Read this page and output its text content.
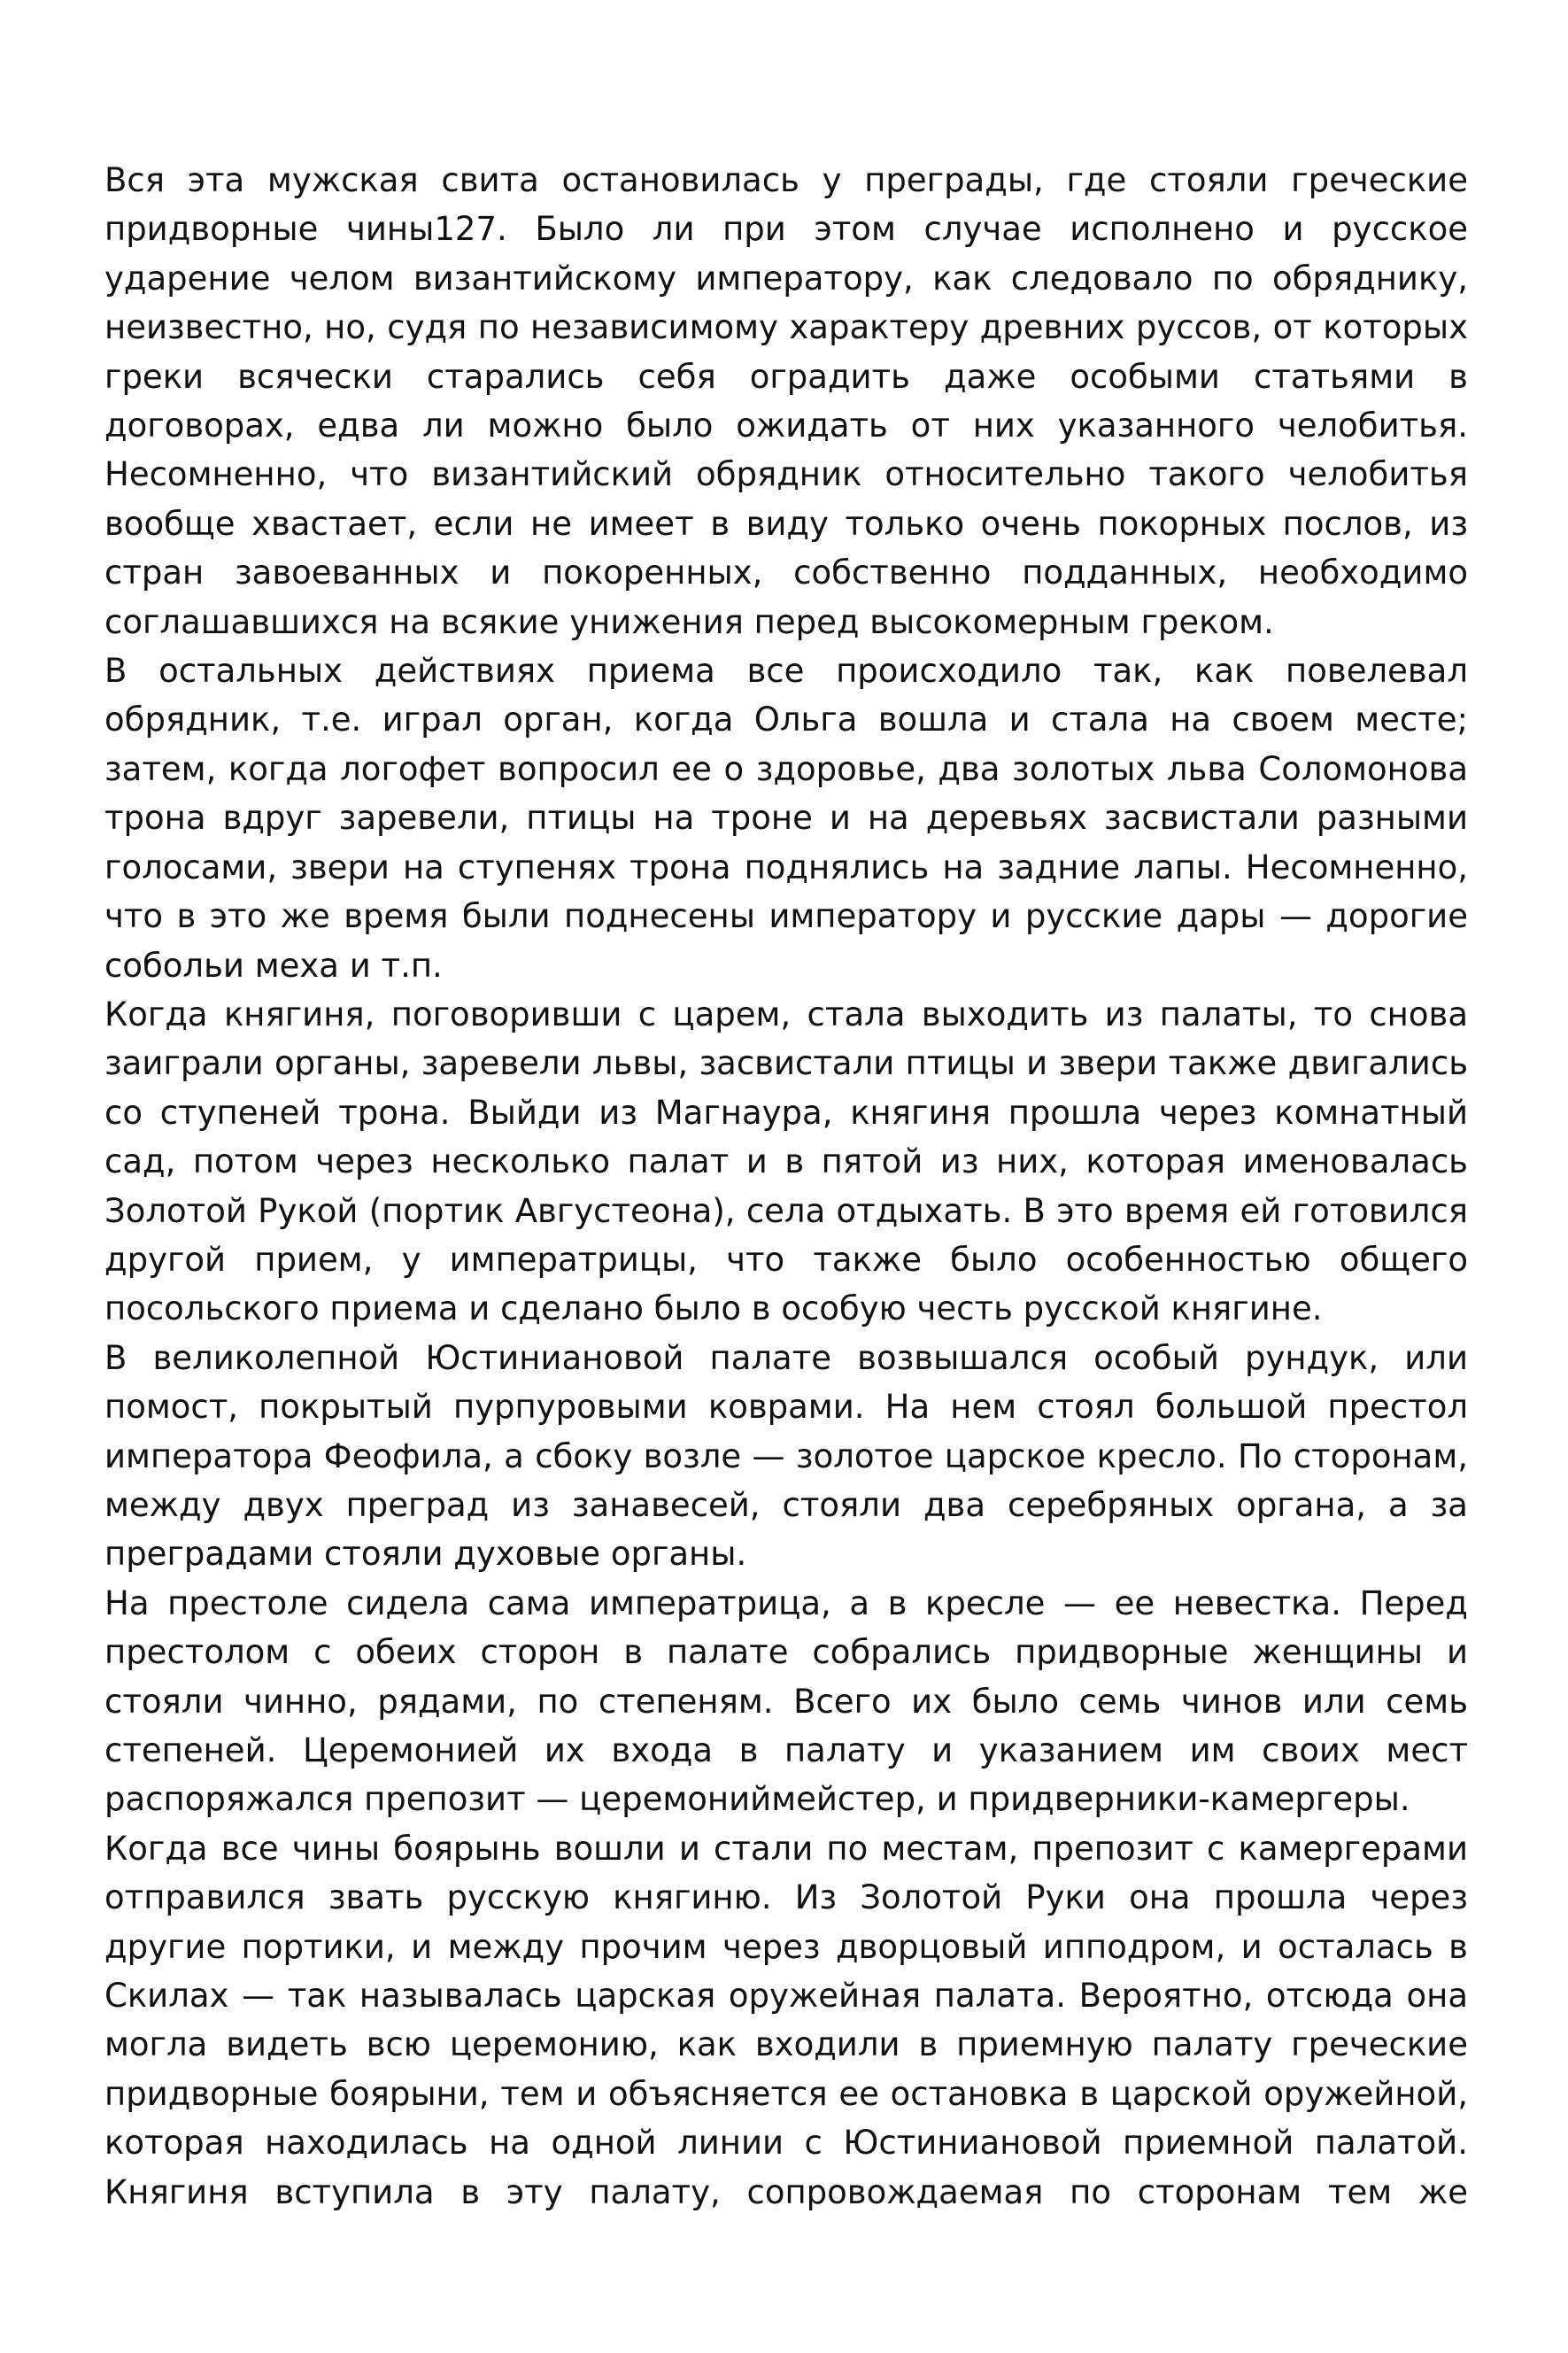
Вся эта мужская свита остановилась у преграды, где стояли греческие придворные чины127. Было ли при этом случае исполнено и русское ударение челом византийскому императору, как следовало по обряднику, неизвестно, но, судя по независимому характеру древних руссов, от которых греки всячески старались себя оградить даже особыми статьями в договорах, едва ли можно было ожидать от них указанного челобитья. Несомненно, что византийский обрядник относительно такого челобитья вообще хвастает, если не имеет в виду только очень покорных послов, из стран завоеванных и покоренных, собственно подданных, необходимо соглашавшихся на всякие унижения перед высокомерным греком.

В остальных действиях приема все происходило так, как повелевал обрядник, т.е. играл орган, когда Ольга вошла и стала на своем месте; затем, когда логофет вопросил ее о здоровье, два золотых льва Соломонова трона вдруг заревели, птицы на троне и на деревьях засвистали разными голосами, звери на ступенях трона поднялись на задние лапы. Несомненно, что в это же время были поднесены императору и русские дары — дорогие собольи меха и т.п.

Когда княгиня, поговоривши с царем, стала выходить из палаты, то снова заиграли органы, заревели львы, засвистали птицы и звери также двигались со ступеней трона. Выйди из Магнаура, княгиня прошла через комнатный сад, потом через несколько палат и в пятой из них, которая именовалась Золотой Рукой (портик Августеона), села отдыхать. В это время ей готовился другой прием, у императрицы, что также было особенностью общего посольского приема и сделано было в особую честь русской княгине.

В великолепной Юстиниановой палате возвышался особый рундук, или помост, покрытый пурпуровыми коврами. На нем стоял большой престол императора Феофила, а сбоку возле — золотое царское кресло. По сторонам, между двух преград из занавесей, стояли два серебряных органа, а за преградами стояли духовые органы.

На престоле сидела сама императрица, а в кресле — ее невестка. Перед престолом с обеих сторон в палате собрались придворные женщины и стояли чинно, рядами, по степеням. Всего их было семь чинов или семь степеней. Церемонией их входа в палату и указанием им своих мест распоряжался препозит — церемониймейстер, и придверники-камергеры.

Когда все чины боярынь вошли и стали по местам, препозит с камергерами отправился звать русскую княгиню. Из Золотой Руки она прошла через другие портики, и между прочим через дворцовый ипподром, и осталась в Скилах — так называлась царская оружейная палата. Вероятно, отсюда она могла видеть всю церемонию, как входили в приемную палату греческие придворные боярыни, тем и объясняется ее остановка в царской оружейной, которая находилась на одной линии с Юстиниановой приемной палатой. Княгиня вступила в эту палату, сопровождаемая по сторонам тем же
